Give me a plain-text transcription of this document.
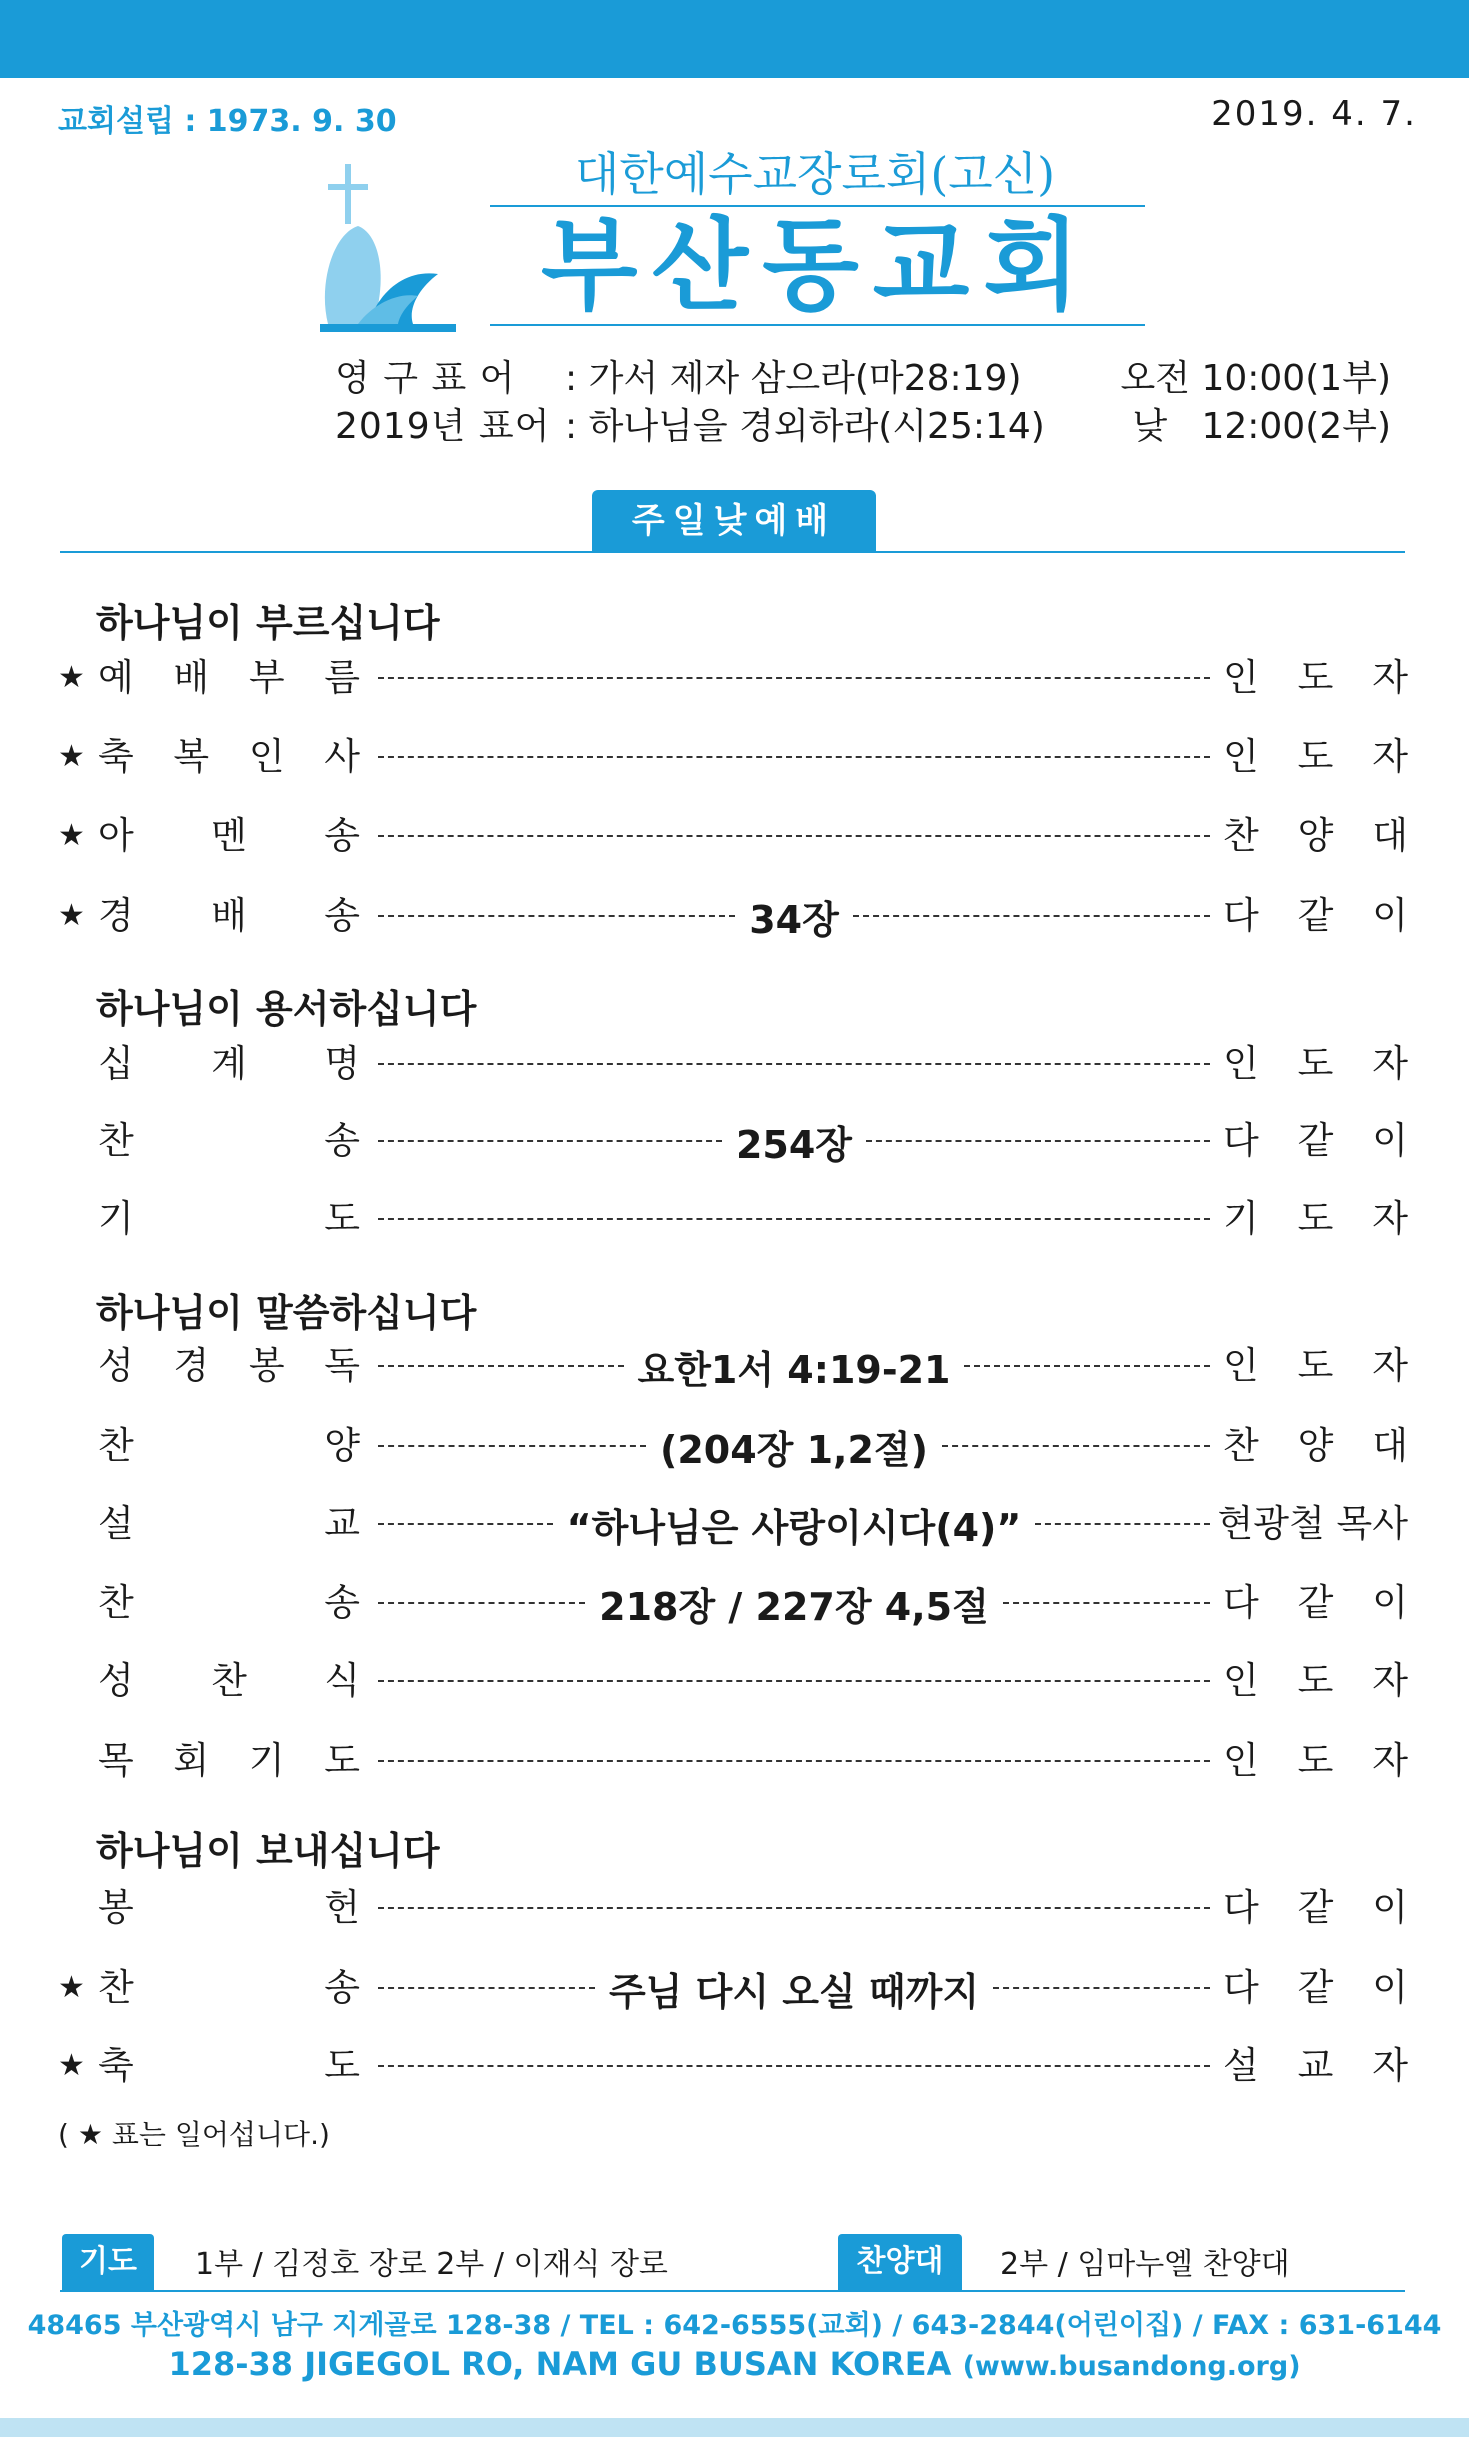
교회설립 : 1973. 9. 30	2019. 4. 7.
대한예수교장로회(고신)
부산동교회
영 구 표 어 : 가서 제자 삼으라(마28:19)
2019년 표어 : 하나님을 경외하라(시25:14)
오전 10:00(1부)
낮 12:00(2부)
주일낮예배
하나님이 부르십니다
★ 예 배 부 름	인 도 자
★ 축 복 인 사	인 도 자
★ 아 멘 송	찬 양 대
★ 경 배 송	34장	다 같 이
하나님이 용서하십니다
십 계 명	인 도 자
찬	송	254장	다 같 이
기	도	기 도 자
하나님이 말씀하십니다
성 경 봉 독	요한1서 4:19-21	인 도 자
찬	양	(204장 1,2절)	찬 양 대
설	교	“하나님은 사랑이시다(4)”	현광철 목사
찬	송	218장 / 227장 4,5절	다 같 이
성 찬 식	인 도 자
목 회 기 도	인 도 자
하나님이 보내십니다
봉	헌	다 같 이
★ 찬	송	주님 다시 오실 때까지	다 같 이
★ 축	도	설 교 자
( ★ 표는 일어섭니다.)
기도	1부 / 김정호 장로 2부 / 이재식 장로	찬양대	2부 / 임마누엘 찬양대
48465 부산광역시 남구 지게골로 128-38 / TEL : 642-6555(교회) / 643-2844(어린이집) / FAX : 631-6144
128-38 JIGEGOL RO, NAM GU BUSAN KOREA (www.busandong.org)
